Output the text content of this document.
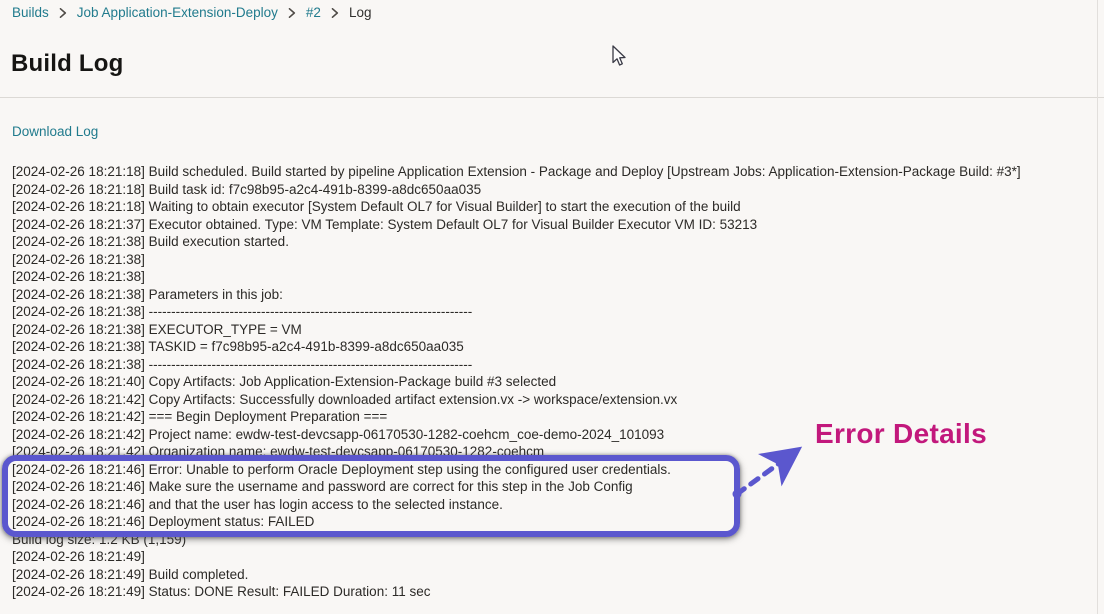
Builds Job Application-Extension-Deploy #2 Log
Build Log
Download Log
[2024-02-26 18:21:18] Build scheduled. Build started by pipeline Application Extension - Package and Deploy [Upstream Jobs: Application-Extension-Package Build: #3*]
[2024-02-26 18:21:18] Build task id: f7c98b95-a2c4-491b-8399-a8dc650aa035
[2024-02-26 18:21:18] Waiting to obtain executor [System Default OL7 for Visual Builder] to start the execution of the build
[2024-02-26 18:21:37] Executor obtained. Type: VM Template: System Default OL7 for Visual Builder Executor VM ID: 53213
[2024-02-26 18:21:38] Build execution started.
[2024-02-26 18:21:38]
[2024-02-26 18:21:38]
[2024-02-26 18:21:38] Parameters in this job:
[2024-02-26 18:21:38] ------------------------------------------------------------------------
[2024-02-26 18:21:38] EXECUTOR_TYPE = VM
[2024-02-26 18:21:38] TASKID = f7c98b95-a2c4-491b-8399-a8dc650aa035
[2024-02-26 18:21:38] ------------------------------------------------------------------------
[2024-02-26 18:21:40] Copy Artifacts: Job Application-Extension-Package build #3 selected
[2024-02-26 18:21:42] Copy Artifacts: Successfully downloaded artifact extension.vx -> workspace/extension.vx
[2024-02-26 18:21:42] === Begin Deployment Preparation ===
[2024-02-26 18:21:42] Project name: ewdw-test-devcsapp-06170530-1282-coehcm_coe-demo-2024_101093
[2024-02-26 18:21:42] Organization name: ewdw-test-devcsapp-06170530-1282-coehcm
[2024-02-26 18:21:46] Error: Unable to perform Oracle Deployment step using the configured user credentials.
[2024-02-26 18:21:46] Make sure the username and password are correct for this step in the Job Config
[2024-02-26 18:21:46] and that the user has login access to the selected instance.
[2024-02-26 18:21:46] Deployment status: FAILED
Build log size: 1.2 KB (1,159)
[2024-02-26 18:21:49]
[2024-02-26 18:21:49] Build completed.
[2024-02-26 18:21:49] Status: DONE Result: FAILED Duration: 11 sec
Error Details
